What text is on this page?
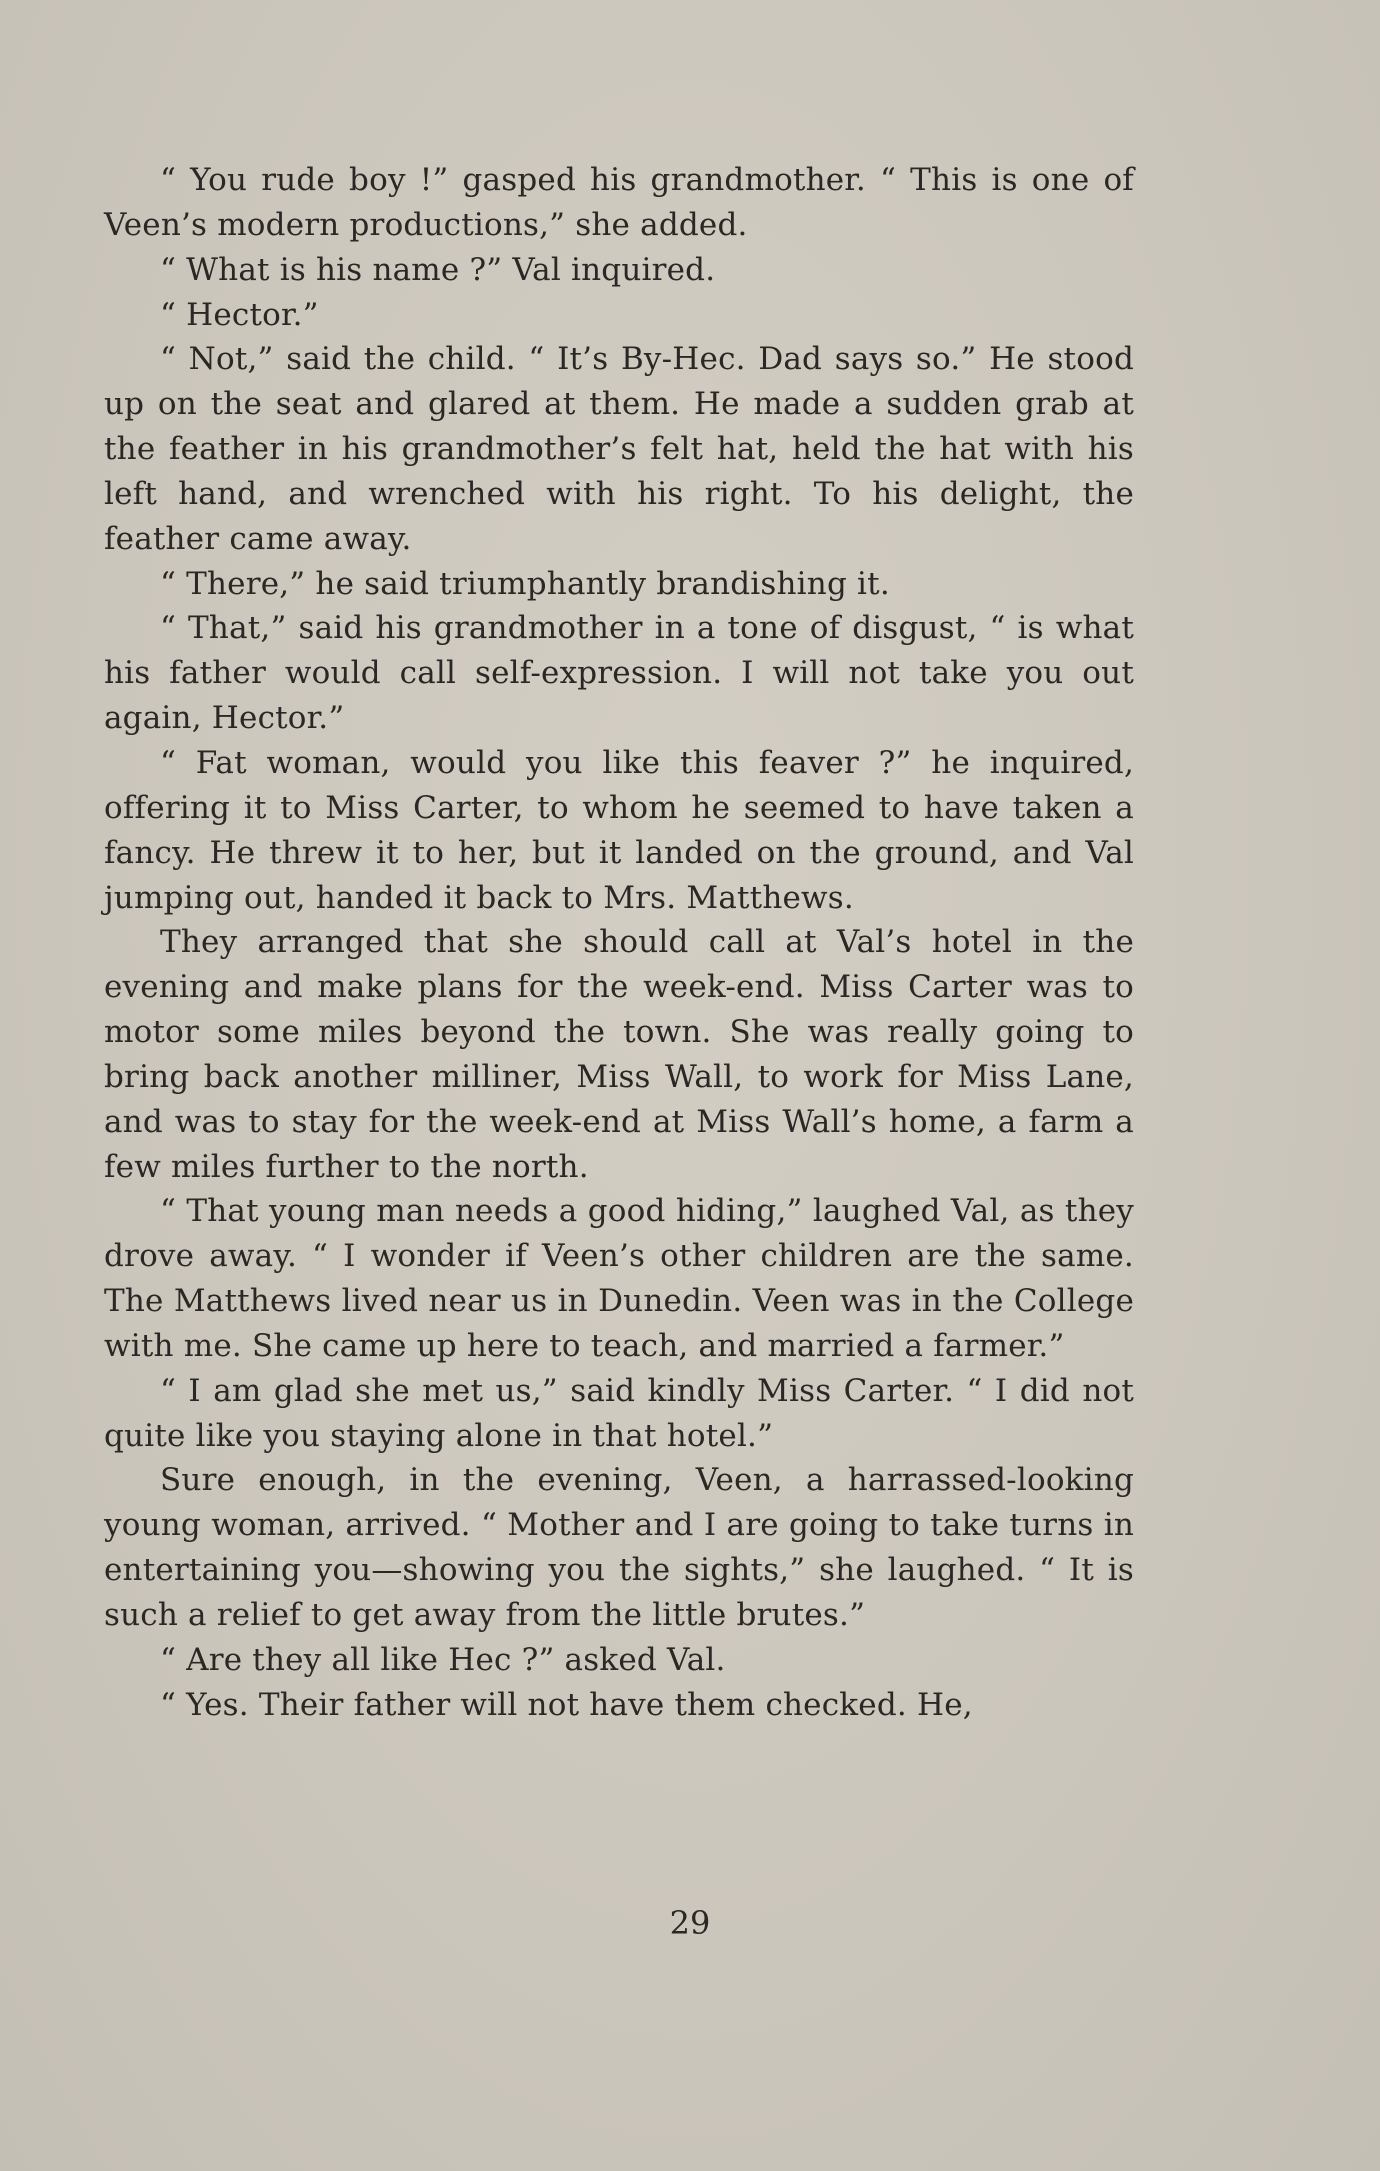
“ You rude boy !” gasped his grandmother. “ This is one of Veen’s modern productions,” she added.

“ What is his name ?” Val inquired.

“ Hector.”

“ Not,” said the child. “ It’s By-Hec. Dad says so.” He stood up on the seat and glared at them. He made a sudden grab at the feather in his grandmother’s felt hat, held the hat with his left hand, and wrenched with his right. To his delight, the feather came away.

“ There,” he said triumphantly brandishing it.

“ That,” said his grandmother in a tone of disgust, “ is what his father would call self-expression. I will not take you out again, Hector.”

“ Fat woman, would you like this feaver ?” he inquired, offering it to Miss Carter, to whom he seemed to have taken a fancy. He threw it to her, but it landed on the ground, and Val jumping out, handed it back to Mrs. Matthews.

They arranged that she should call at Val’s hotel in the evening and make plans for the week-end. Miss Carter was to motor some miles beyond the town. She was really going to bring back another milliner, Miss Wall, to work for Miss Lane, and was to stay for the week-end at Miss Wall’s home, a farm a few miles further to the north.

“ That young man needs a good hiding,” laughed Val, as they drove away. “ I wonder if Veen’s other children are the same. The Matthews lived near us in Dunedin. Veen was in the College with me. She came up here to teach, and married a farmer.”

“ I am glad she met us,” said kindly Miss Carter. “ I did not quite like you staying alone in that hotel.”

Sure enough, in the evening, Veen, a harrassed-looking young woman, arrived. “ Mother and I are going to take turns in entertaining you—showing you the sights,” she laughed. “ It is such a relief to get away from the little brutes.”

“ Are they all like Hec ?” asked Val.

“ Yes. Their father will not have them checked. He,

29
